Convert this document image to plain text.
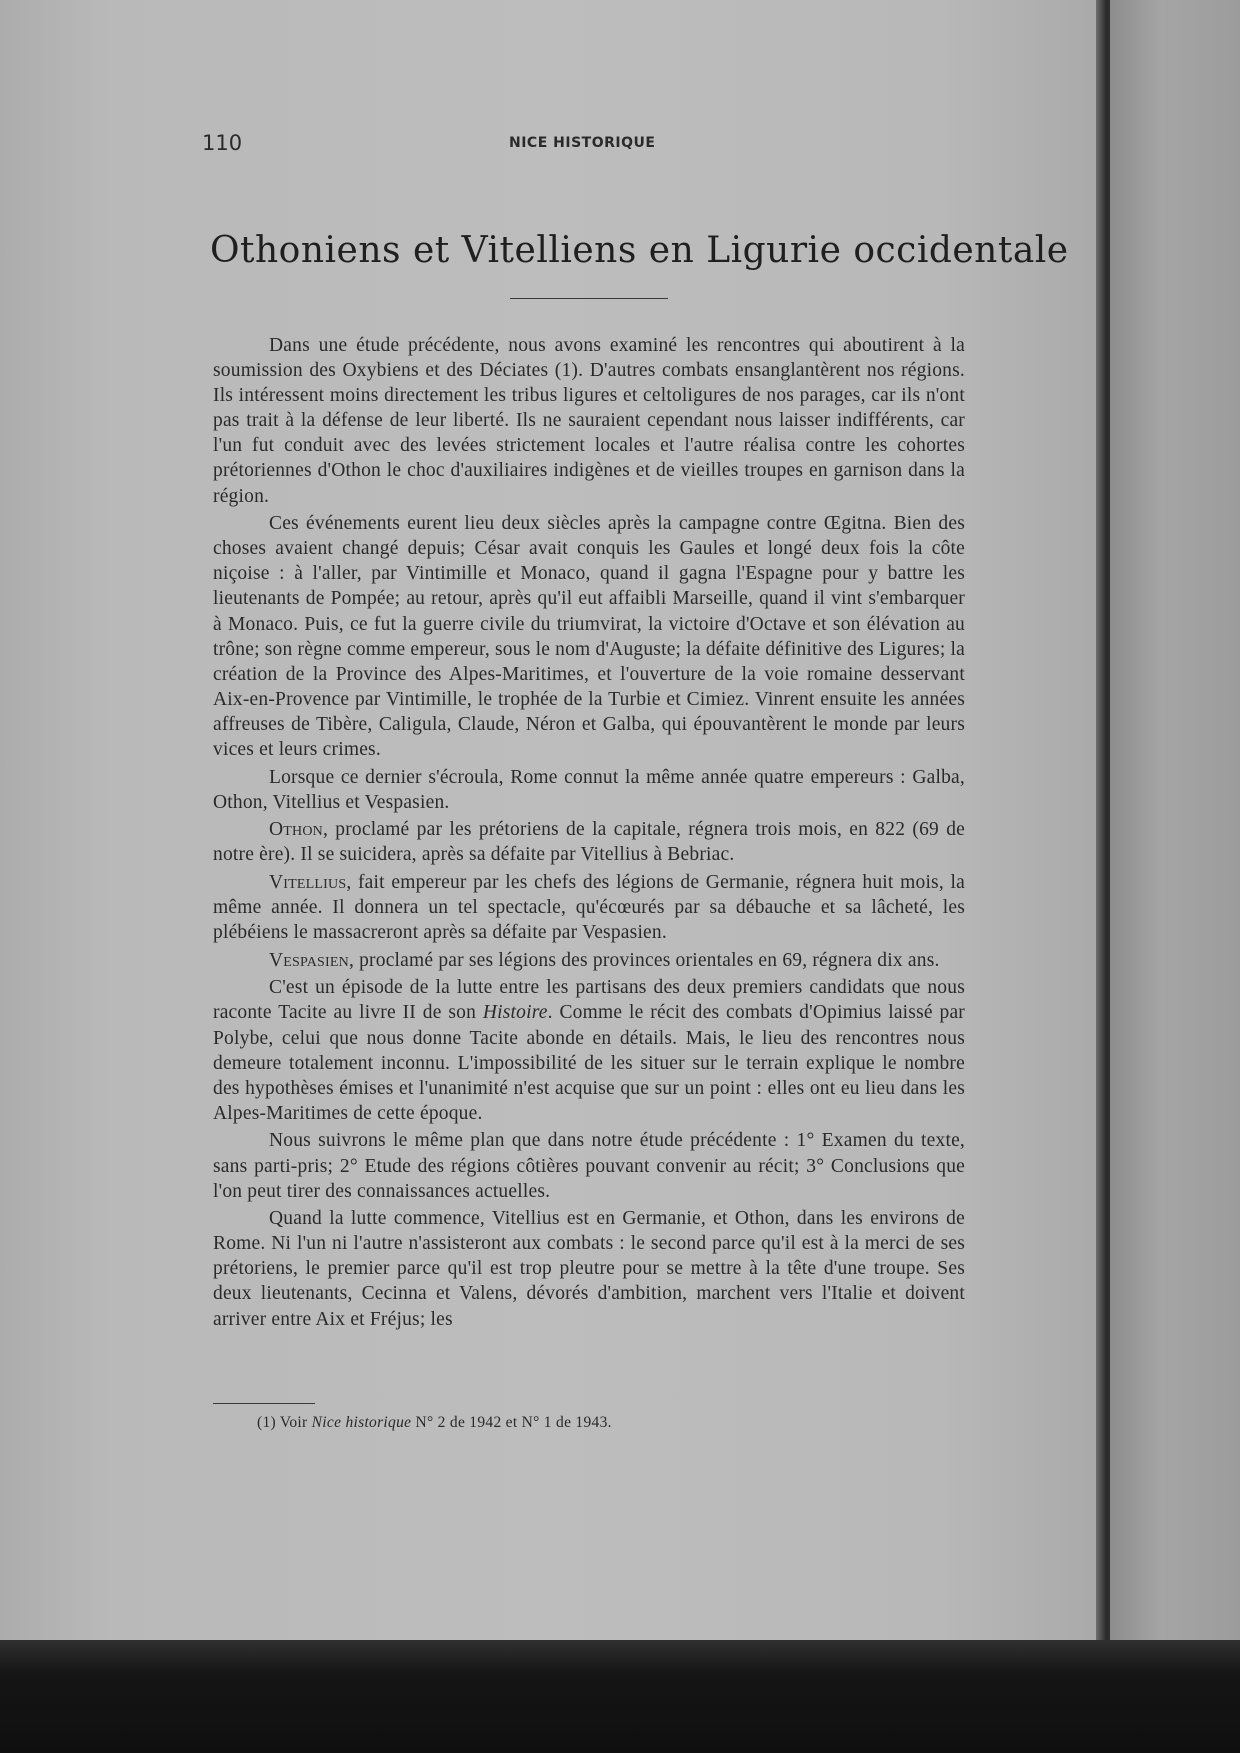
110	NICE HISTORIQUE
Othoniens et Vitelliens en Ligurie occidentale

Dans une étude précédente, nous avons examiné les rencontres qui aboutirent à la soumission des Oxybiens et des Déciates (1). D'autres combats ensanglantèrent nos régions. Ils intéressent moins directement les tribus ligures et celtoligures de nos parages, car ils n'ont pas trait à la défense de leur liberté. Ils ne sauraient cependant nous laisser indifférents, car l'un fut conduit avec des levées strictement locales et l'autre réalisa contre les cohortes prétoriennes d'Othon le choc d'auxiliaires indigènes et de vieilles troupes en garnison dans la région.

Ces événements eurent lieu deux siècles après la campagne contre Œgitna. Bien des choses avaient changé depuis; César avait conquis les Gaules et longé deux fois la côte niçoise : à l'aller, par Vintimille et Monaco, quand il gagna l'Espagne pour y battre les lieutenants de Pompée; au retour, après qu'il eut affaibli Marseille, quand il vint s'embarquer à Monaco. Puis, ce fut la guerre civile du triumvirat, la victoire d'Octave et son élévation au trône; son règne comme empereur, sous le nom d'Auguste; la défaite définitive des Ligures; la création de la Province des Alpes-Maritimes, et l'ouverture de la voie romaine desservant Aix-en-Provence par Vintimille, le trophée de la Turbie et Cimiez. Vinrent ensuite les années affreuses de Tibère, Caligula, Claude, Néron et Galba, qui épouvantèrent le monde par leurs vices et leurs crimes.

Lorsque ce dernier s'écroula, Rome connut la même année quatre empereurs : Galba, Othon, Vitellius et Vespasien.

Othon, proclamé par les prétoriens de la capitale, régnera trois mois, en 822 (69 de notre ère). Il se suicidera, après sa défaite par Vitellius à Bebriac.

Vitellius, fait empereur par les chefs des légions de Germanie, régnera huit mois, la même année. Il donnera un tel spectacle, qu'écœurés par sa débauche et sa lâcheté, les plébéiens le massacreront après sa défaite par Vespasien.

Vespasien, proclamé par ses légions des provinces orientales en 69, régnera dix ans.

C'est un épisode de la lutte entre les partisans des deux premiers candidats que nous raconte Tacite au livre II de son Histoire. Comme le récit des combats d'Opimius laissé par Polybe, celui que nous donne Tacite abonde en détails. Mais, le lieu des rencontres nous demeure totalement inconnu. L'impossibilité de les situer sur le terrain explique le nombre des hypothèses émises et l'unanimité n'est acquise que sur un point : elles ont eu lieu dans les Alpes-Maritimes de cette époque.

Nous suivrons le même plan que dans notre étude précédente : 1° Examen du texte, sans parti-pris; 2° Etude des régions côtières pouvant convenir au récit; 3° Conclusions que l'on peut tirer des connaissances actuelles.

Quand la lutte commence, Vitellius est en Germanie, et Othon, dans les environs de Rome. Ni l'un ni l'autre n'assisteront aux combats : le second parce qu'il est à la merci de ses prétoriens, le premier parce qu'il est trop pleutre pour se mettre à la tête d'une troupe. Ses deux lieutenants, Cecinna et Valens, dévorés d'ambition, marchent vers l'Italie et doivent arriver entre Aix et Fréjus; les

(1) Voir Nice historique N° 2 de 1942 et N° 1 de 1943.
